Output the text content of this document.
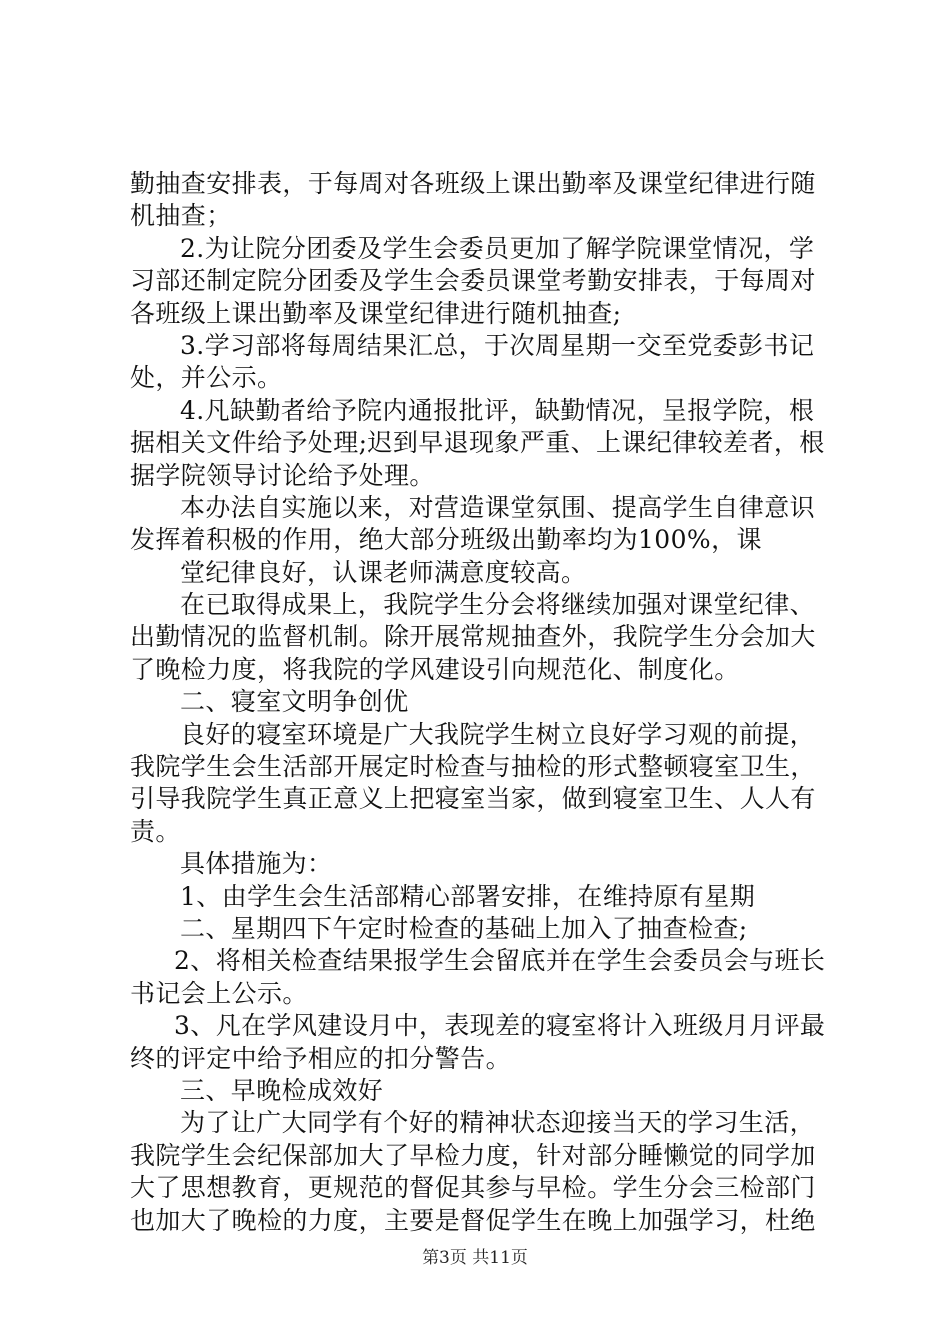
勤抽查安排表，于每周对各班级上课出勤率及课堂纪律进行随
机抽查；
2.为让院分团委及学生会委员更加了解学院课堂情况，学
习部还制定院分团委及学生会委员课堂考勤安排表，于每周对
各班级上课出勤率及课堂纪律进行随机抽查;
3.学习部将每周结果汇总，于次周星期一交至党委彭书记
处，并公示。
4.凡缺勤者给予院内通报批评，缺勤情况，呈报学院，根
据相关文件给予处理;迟到早退现象严重、上课纪律较差者，根
据学院领导讨论给予处理。
本办法自实施以来，对营造课堂氛围、提高学生自律意识
发挥着积极的作用，绝大部分班级出勤率均为100%，课
堂纪律良好，认课老师满意度较高。
在已取得成果上，我院学生分会将继续加强对课堂纪律、
出勤情况的监督机制。除开展常规抽查外，我院学生分会加大
了晚检力度，将我院的学风建设引向规范化、制度化。
二、寝室文明争创优
良好的寝室环境是广大我院学生树立良好学习观的前提，
我院学生会生活部开展定时检查与抽检的形式整顿寝室卫生，
引导我院学生真正意义上把寝室当家，做到寝室卫生、人人有
责。
具体措施为：
1、由学生会生活部精心部署安排，在维持原有星期
二、星期四下午定时检查的基础上加入了抽查检查;
2、将相关检查结果报学生会留底并在学生会委员会与班长
书记会上公示。
3、凡在学风建设月中，表现差的寝室将计入班级月月评最
终的评定中给予相应的扣分警告。
三、早晚检成效好
为了让广大同学有个好的精神状态迎接当天的学习生活，
我院学生会纪保部加大了早检力度，针对部分睡懒觉的同学加
大了思想教育，更规范的督促其参与早检。学生分会三检部门
也加大了晚检的力度，主要是督促学生在晚上加强学习，杜绝
第3页 共11页
